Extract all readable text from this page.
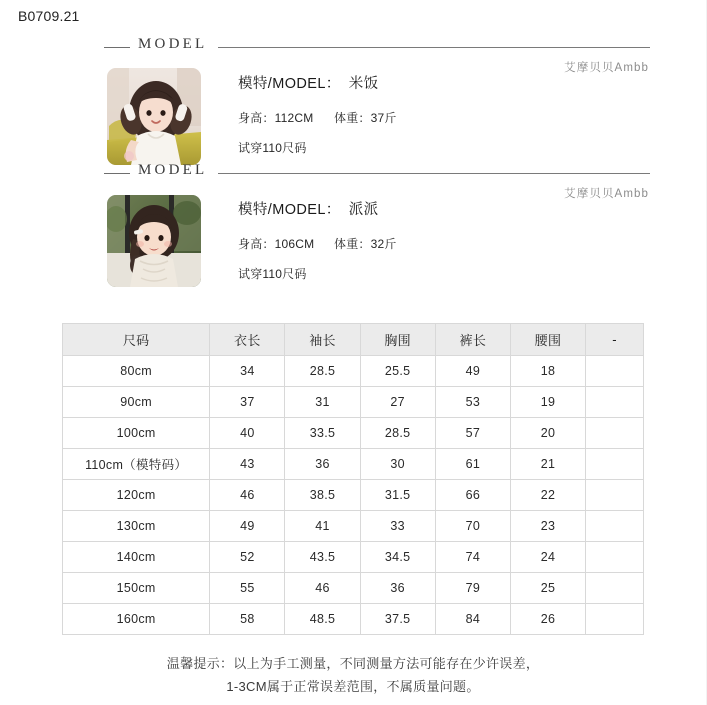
B0709.21
MODEL
艾摩贝贝Ambb
模特/MODEL： 米饭
身高：112CM 体重：37斤
试穿110尺码
MODEL
艾摩贝贝Ambb
模特/MODEL： 派派
身高：106CM 体重：32斤
试穿110尺码
尺码	衣长	袖长	胸围	裤长	腰围	-
80cm	34	28.5	25.5	49	18	
90cm	37	31	27	53	19	
100cm	40	33.5	28.5	57	20	
110cm（模特码）	43	36	30	61	21	
120cm	46	38.5	31.5	66	22	
130cm	49	41	33	70	23	
140cm	52	43.5	34.5	74	24	
150cm	55	46	36	79	25	
160cm	58	48.5	37.5	84	26	
温馨提示：以上为手工测量，不同测量方法可能存在少许误差，
1-3CM属于正常误差范围，不属质量问题。
